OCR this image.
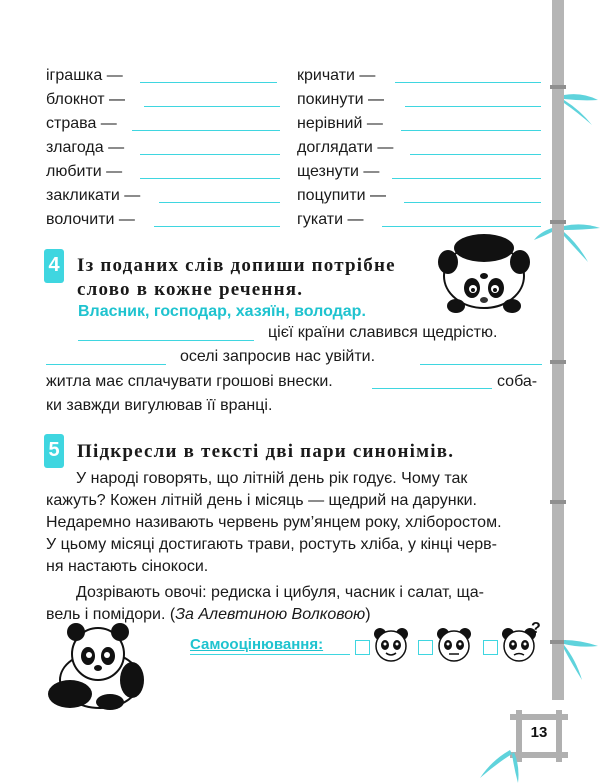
іграшка —
блокнот —
страва —
злагода —
любити —
закликати —
волочити —
кричати —
покинути —
нерівний —
доглядати —
щезнути —
поцупити —
гукати —
4 Із поданих слів допиши потрібне
слово в кожне речення.
Власник, господар, хазяїн, володар.
цієї країни славився щедрістю.
оселі запросив нас увійти.
житла має сплачувати грошові внески.	соба-
ки завжди вигулював її вранці.
5 Підкресли в тексті дві пари синонімів.
У народі говорять, що літній день рік годує. Чому так
кажуть? Кожен літній день і місяць — щедрий на дарунки.
Недаремно називають червень рум’янцем року, хліборостом.
У цьому місяці достигають трави, ростуть хліба, у кінці черв-
ня настають сінокоси.
Дозрівають овочі: редиска і цибуля, часник і салат, ща-
вель і помідори. (За Алевтиною Волковою)
Самооцінювання:
?
13
